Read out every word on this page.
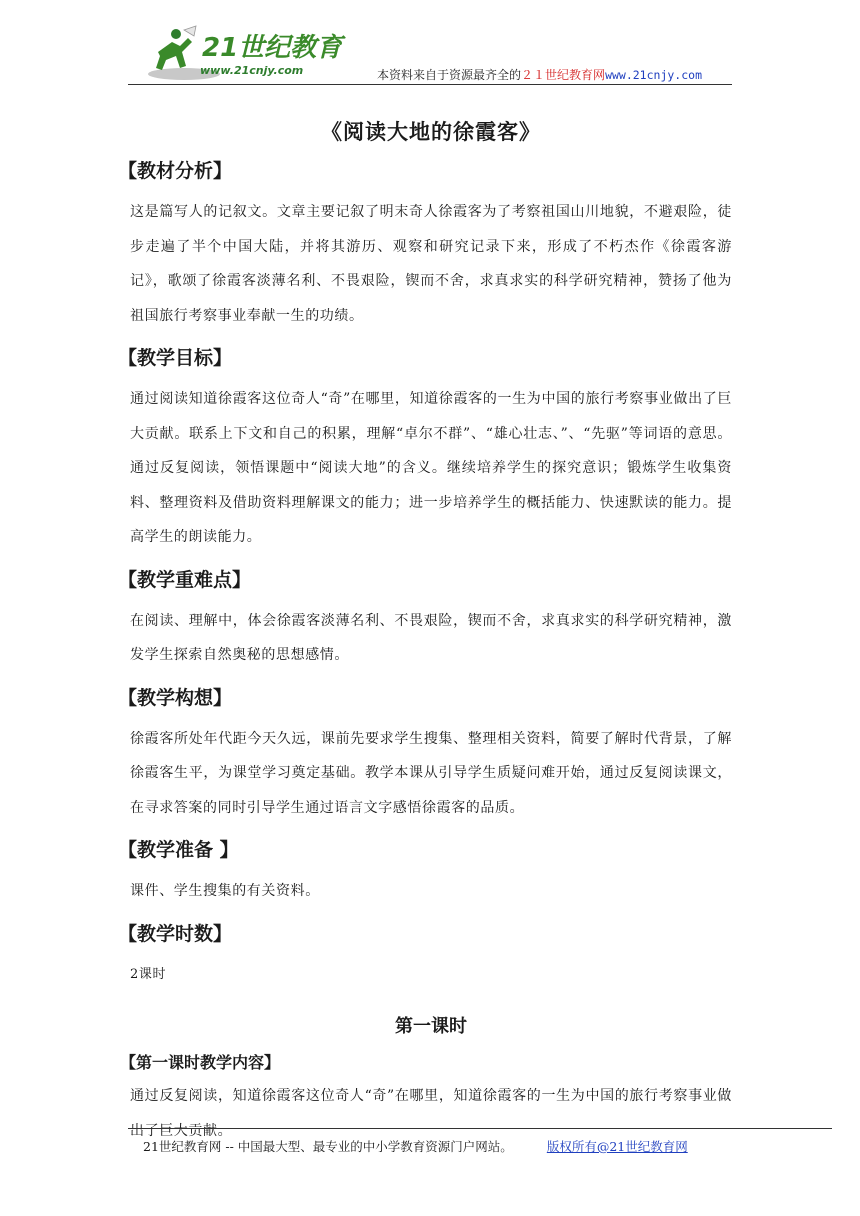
21世纪教育
www.21cnjy.com	本资料来自于资源最齐全的２１世纪教育网www.21cnjy.com
《阅读大地的徐霞客》
【教材分析】

这是篇写人的记叙文。文章主要记叙了明末奇人徐霞客为了考察祖国山川地貌，不避艰险，徒步走遍了半个中国大陆，并将其游历、观察和研究记录下来，形成了不朽杰作《徐霞客游记》，歌颂了徐霞客淡薄名利、不畏艰险，锲而不舍，求真求实的科学研究精神，赞扬了他为祖国旅行考察事业奉献一生的功绩。

【教学目标】

通过阅读知道徐霞客这位奇人“奇”在哪里，知道徐霞客的一生为中国的旅行考察事业做出了巨大贡献。联系上下文和自己的积累，理解“卓尔不群”、“雄心壮志、”、“先驱”等词语的意思。通过反复阅读，领悟课题中“阅读大地”的含义。继续培养学生的探究意识；锻炼学生收集资料、整理资料及借助资料理解课文的能力；进一步培养学生的概括能力、快速默读的能力。提高学生的朗读能力。

【教学重难点】

在阅读、理解中，体会徐霞客淡薄名利、不畏艰险，锲而不舍，求真求实的科学研究精神，激发学生探索自然奥秘的思想感情。

【教学构想】

徐霞客所处年代距今天久远，课前先要求学生搜集、整理相关资料，简要了解时代背景，了解徐霞客生平，为课堂学习奠定基础。教学本课从引导学生质疑问难开始，通过反复阅读课文，在寻求答案的同时引导学生通过语言文字感悟徐霞客的品质。

【教学准备 】

课件、学生搜集的有关资料。

【教学时数】

2课时

第一课时
【第一课时教学内容】

通过反复阅读，知道徐霞客这位奇人“奇”在哪里，知道徐霞客的一生为中国的旅行考察事业做出了巨大贡献。

21世纪教育网 -- 中国最大型、最专业的中小学教育资源门户网站。	版权所有@21世纪教育网
